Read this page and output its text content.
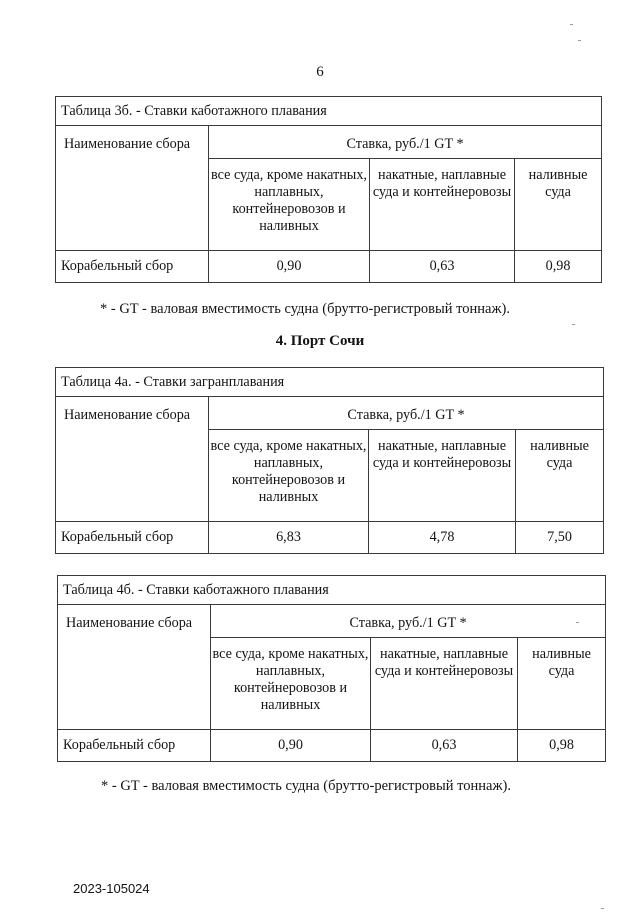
6
Таблица 3б. - Ставки каботажного плавания			
Наименование сбора	Ставка, руб./1 GT *		
	все суда, кроме накатных, наплавных, контейнеровозов и наливных	накатные, наплавные суда и контейнеровозы	наливные суда
Корабельный сбор	0,90	0,63	0,98
* - GT - валовая вместимость судна (брутто-регистровый тоннаж).
4. Порт Сочи
Таблица 4а. - Ставки загранплавания			
Наименование сбора	Ставка, руб./1 GT *		
	все суда, кроме накатных, наплавных, контейнеровозов и наливных	накатные, наплавные суда и контейнеровозы	наливные суда
Корабельный сбор	6,83	4,78	7,50
Таблица 4б. - Ставки каботажного плавания			
Наименование сбора	Ставка, руб./1 GT *		
	все суда, кроме накатных, наплавных, контейнеровозов и наливных	накатные, наплавные суда и контейнеровозы	наливные суда
Корабельный сбор	0,90	0,63	0,98
* - GT - валовая вместимость судна (брутто-регистровый тоннаж).
2023-105024
